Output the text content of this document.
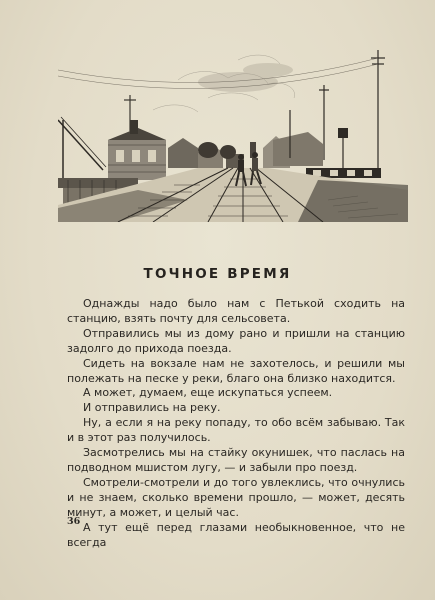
ТОЧНОЕ ВРЕМЯ

Однажды надо было нам с Петькой сходить на станцию, взять почту для сельсовета.

Отправились мы из дому рано и пришли на станцию задолго до прихода поезда.

Сидеть на вокзале нам не захотелось, и решили мы полежать на песке у реки, благо она близко находится.

А может, думаем, еще искупаться успеем.

И отправились на реку.

Ну, а если я на реку попаду, то обо всём забываю. Так и в этот раз получилось.

Засмотрелись мы на стайку окунишек, что паслась на подводном мшистом лугу, — и забыли про поезд.

Смотрели-смотрели и до того увлеклись, что очнулись и не знаем, сколько времени прошло, — может, десять минут, а может, и целый час.

А тут ещё перед глазами необыкновенное, что не всегда

36
